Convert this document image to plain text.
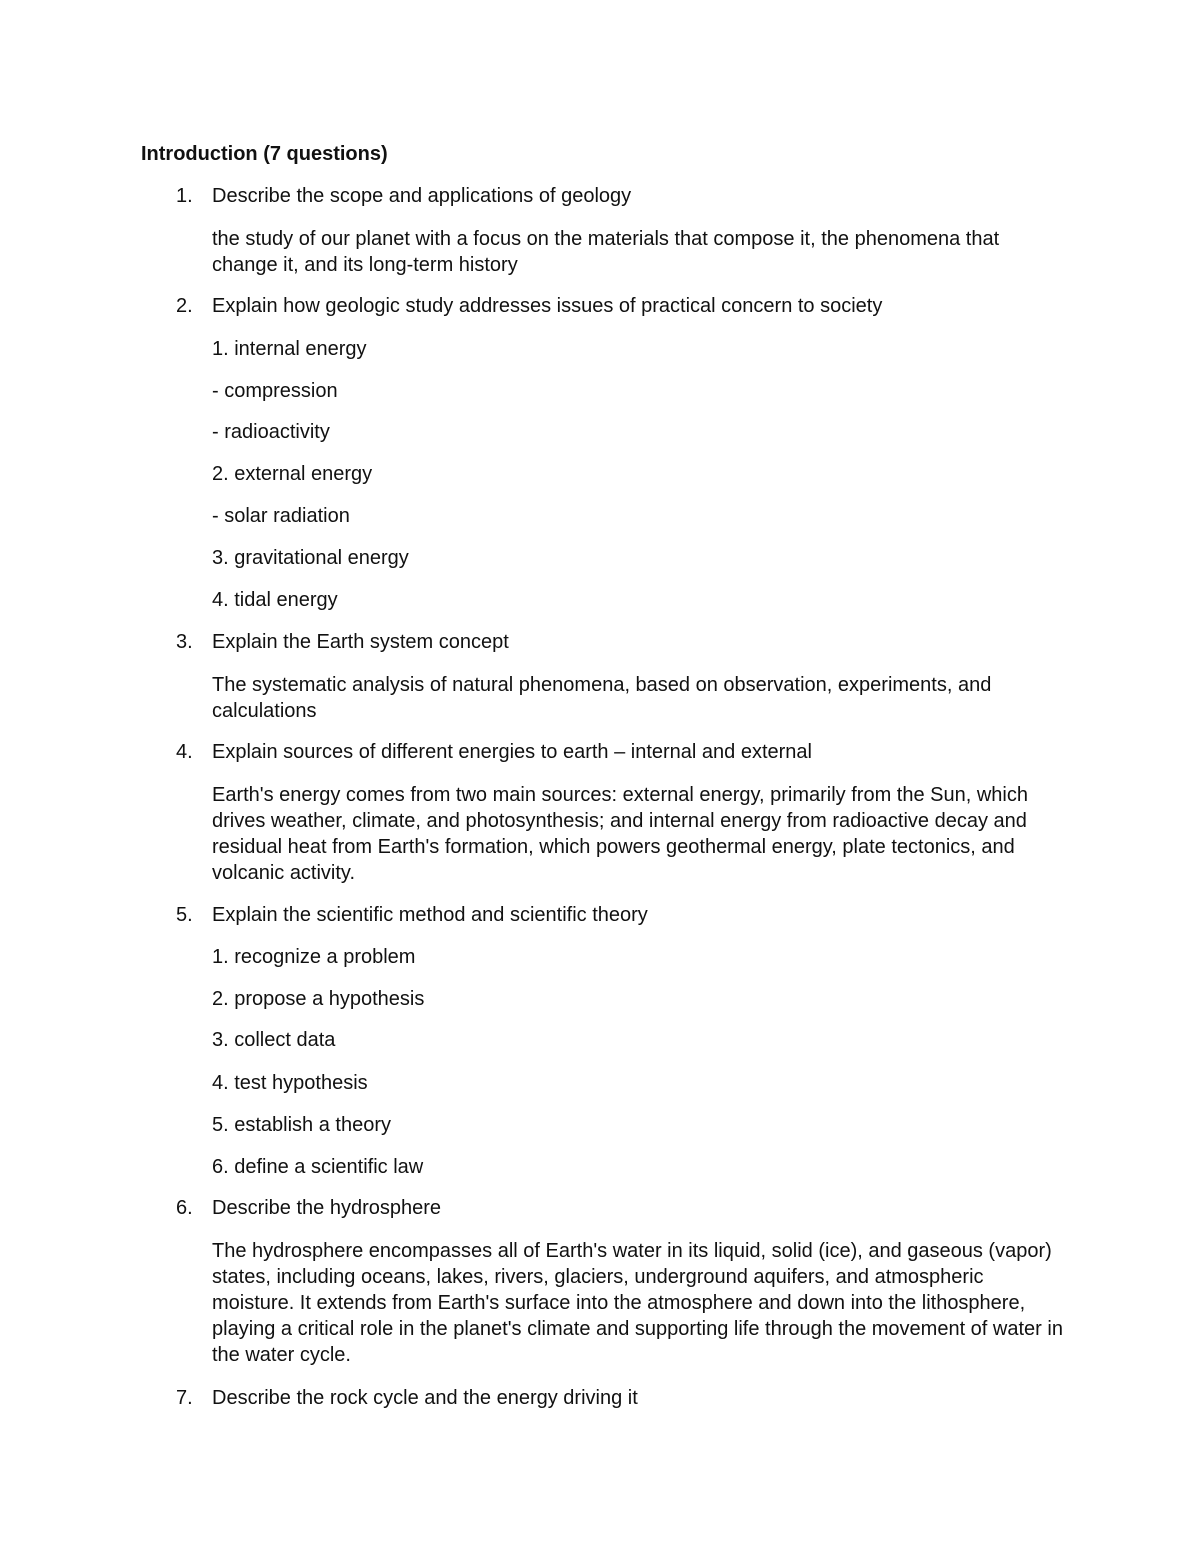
Introduction (7 questions)
1. Describe the scope and applications of geology

the study of our planet with a focus on the materials that compose it, the phenomena that change it, and its long-term history

2. Explain how geologic study addresses issues of practical concern to society
1. internal energy
- compression
- radioactivity
2. external energy
- solar radiation
3. gravitational energy
4. tidal energy
3. Explain the Earth system concept

The systematic analysis of natural phenomena, based on observation, experiments, and calculations

4. Explain sources of different energies to earth – internal and external

Earth's energy comes from two main sources: external energy, primarily from the Sun, which drives weather, climate, and photosynthesis; and internal energy from radioactive decay and residual heat from Earth's formation, which powers geothermal energy, plate tectonics, and volcanic activity.

5. Explain the scientific method and scientific theory
1. recognize a problem
2. propose a hypothesis
3. collect data
4. test hypothesis
5. establish a theory
6. define a scientific law
6. Describe the hydrosphere

The hydrosphere encompasses all of Earth's water in its liquid, solid (ice), and gaseous (vapor) states, including oceans, lakes, rivers, glaciers, underground aquifers, and atmospheric moisture. It extends from Earth's surface into the atmosphere and down into the lithosphere, playing a critical role in the planet's climate and supporting life through the movement of water in the water cycle.

7. Describe the rock cycle and the energy driving it
